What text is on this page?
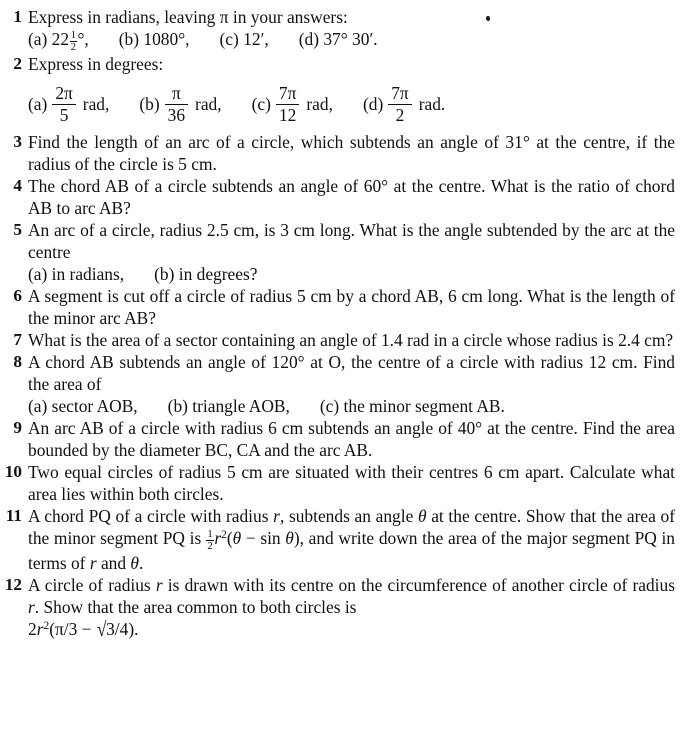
1 Express in radians, leaving π in your answers:
(a) $22 \frac{1}{2}$ °, (b) 1080°, (c) 12′, (d) 37° 30′.
2 Express in degrees:
$(a) \frac{2\pi}{5}$ rad, $(b) \frac{\pi}{36}$ rad, $(c) \frac{7\pi}{12}$ rad, $(d) \frac{7\pi}{2}$ rad.
3 Find the length of an arc of a circle, which subtends an angle of 31° at the centre, if the radius of the circle is 5 cm.
4 The chord AB of a circle subtends an angle of 60° at the centre. What is the ratio of chord AB to arc AB?
5 An arc of a circle, radius 2.5 cm, is 3 cm long. What is the angle subtended by the arc at the centre
(a) in radians, (b) in degrees?
6 A segment is cut off a circle of radius 5 cm by a chord AB, 6 cm long. What is the length of the minor arc AB?
7 What is the area of a sector containing an angle of 1.4 rad in a circle whose radius is 2.4 cm?
8 A chord AB subtends an angle of 120° at O, the centre of a circle with radius 12 cm. Find the area of
(a) sector AOB, (b) triangle AOB, (c) the minor segment AB.
9 An arc AB of a circle with radius 6 cm subtends an angle of 40° at the centre. Find the area bounded by the diameter BC, CA and the arc AB.
10 Two equal circles of radius 5 cm are situated with their centres 6 cm apart. Calculate what area lies within both circles.
11 A chord PQ of a circle with radius r, subtends an angle θ at the centre. Show that the area of the minor segment PQ is $\frac{1}{2} r^2(\theta - \sin \theta)$, and write down the area of the major segment PQ in terms of r and θ.
12 A circle of radius r is drawn with its centre on the circumference of another circle of radius r. Show that the area common to both circles is
$2r^2(\pi/3 - √3/4)$.
